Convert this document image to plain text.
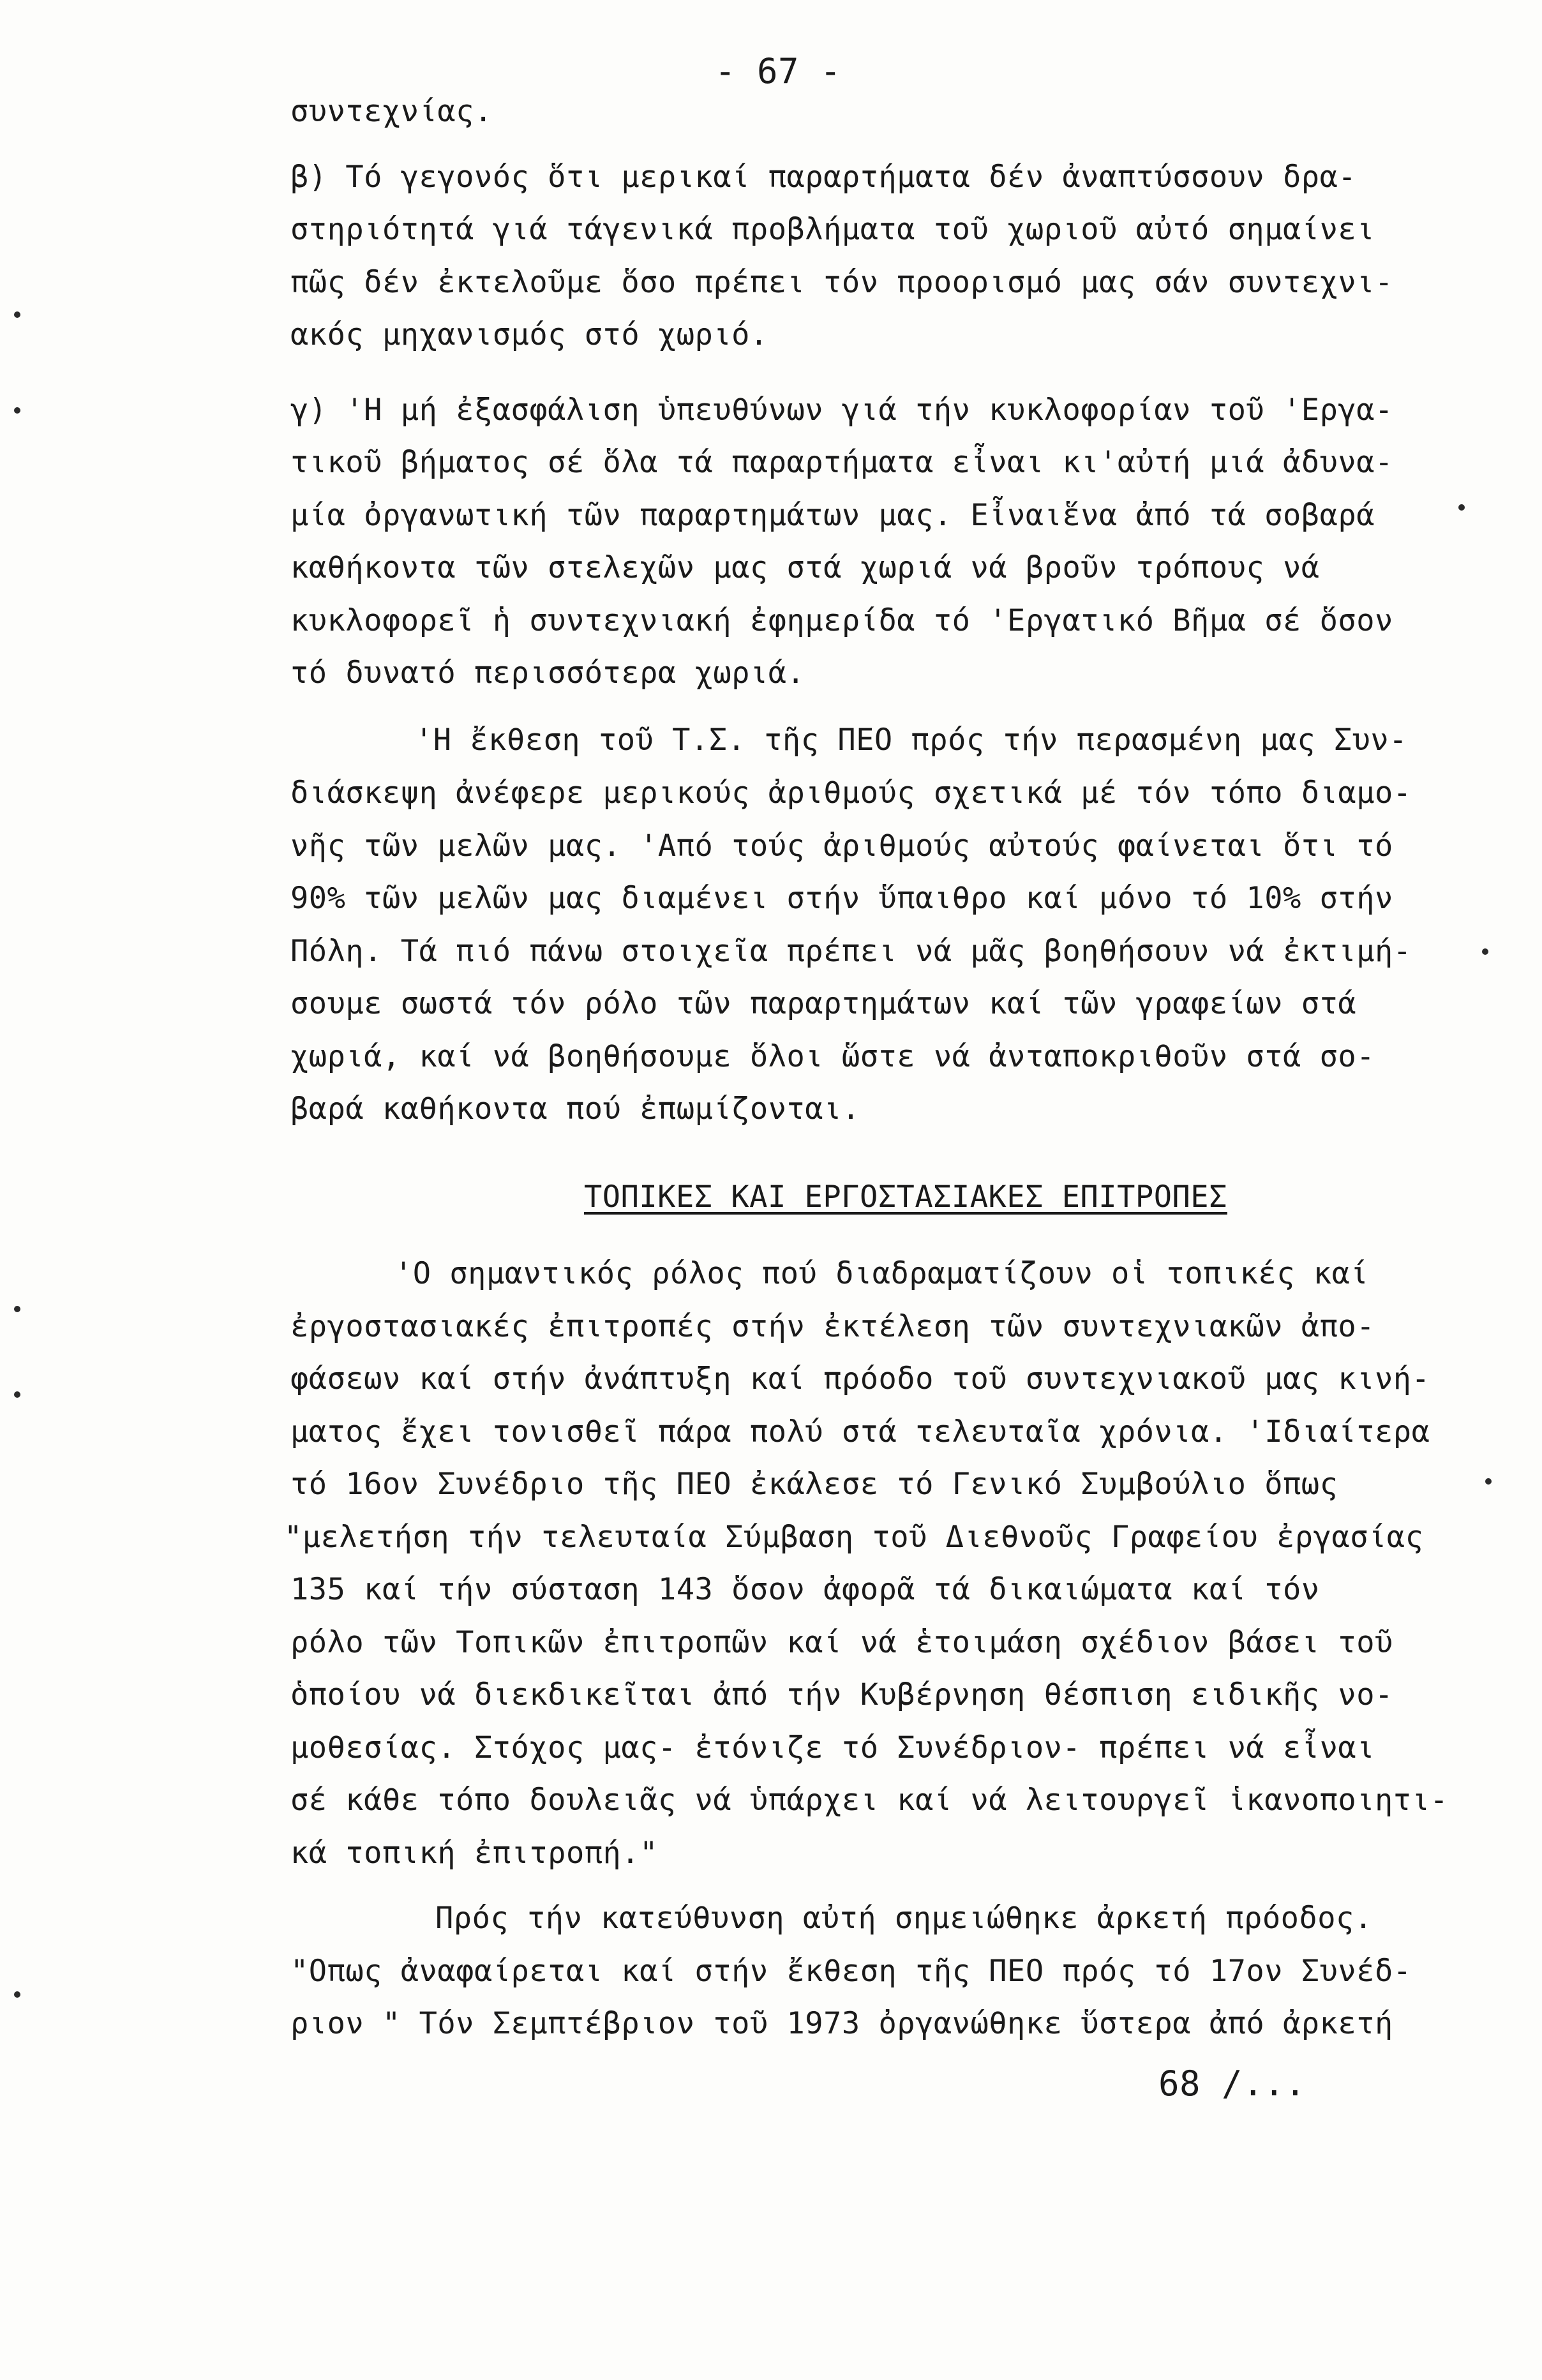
- 67 -
συντεχνίας.
β) Τό γεγονός ὅτι μερικαί παραρτήματα δέν ἀναπτύσσουν δρα-
στηριότητά γιά τάγενικά προβλήματα τοῦ χωριοῦ αὐτό σημαίνει
πῶς δέν ἐκτελοῦμε ὅσο πρέπει τόν προορισμό μας σάν συντεχνι-
ακός μηχανισμός στό χωριό.
γ) 'Η μή ἐξασφάλιση ὑπευθύνων γιά τήν κυκλοφορίαν τοῦ 'Εργα-
τικοῦ βήματος σέ ὅλα τά παραρτήματα εἶναι κι'αὐτή μιά ἀδυνα-
μία ὀργανωτική τῶν παραρτημάτων μας. Εἶναιἕνα ἀπό τά σοβαρά
καθήκοντα τῶν στελεχῶν μας στά χωριά νά βροῦν τρόπους νά
κυκλοφορεῖ ἡ συντεχνιακή ἐφημερίδα τό 'Εργατικό Βῆμα σέ ὅσον
τό δυνατό περισσότερα χωριά.
'Η ἔκθεση τοῦ Τ.Σ. τῆς ΠΕΟ πρός τήν περασμένη μας Συν-
διάσκεψη ἀνέφερε μερικούς ἀριθμούς σχετικά μέ τόν τόπο διαμο-
νῆς τῶν μελῶν μας. 'Από τούς ἀριθμούς αὐτούς φαίνεται ὅτι τό
90% τῶν μελῶν μας διαμένει στήν ὕπαιθρο καί μόνο τό 10% στήν
Πόλη. Τά πιό πάνω στοιχεῖα πρέπει νά μᾶς βοηθήσουν νά ἐκτιμή-
σουμε σωστά τόν ρόλο τῶν παραρτημάτων καί τῶν γραφείων στά
χωριά, καί νά βοηθήσουμε ὅλοι ὥστε νά ἀνταποκριθοῦν στά σο-
βαρά καθήκοντα πού ἐπωμίζονται.
ΤΟΠΙΚΕΣ ΚΑΙ ΕΡΓΟΣΤΑΣΙΑΚΕΣ ΕΠΙΤΡΟΠΕΣ
'Ο σημαντικός ρόλος πού διαδραματίζουν οἱ τοπικές καί
ἐργοστασιακές ἐπιτροπές στήν ἐκτέλεση τῶν συντεχνιακῶν ἀπο-
φάσεων καί στήν ἀνάπτυξη καί πρόοδο τοῦ συντεχνιακοῦ μας κινή-
ματος ἔχει τονισθεῖ πάρα πολύ στά τελευταῖα χρόνια. 'Ιδιαίτερα
τό 16ον Συνέδριο τῆς ΠΕΟ ἐκάλεσε τό Γενικό Συμβούλιο ὅπως
"μελετήση τήν τελευταία Σύμβαση τοῦ Διεθνοῦς Γραφείου ἐργασίας
135 καί τήν σύσταση 143 ὅσον ἀφορᾶ τά δικαιώματα καί τόν
ρόλο τῶν Τοπικῶν ἐπιτροπῶν καί νά ἑτοιμάση σχέδιον βάσει τοῦ
ὁποίου νά διεκδικεῖται ἀπό τήν Κυβέρνηση θέσπιση ειδικῆς νο-
μοθεσίας. Στόχος μας- ἐτόνιζε τό Συνέδριον- πρέπει νά εἶναι
σέ κάθε τόπο δουλειᾶς νά ὑπάρχει καί νά λειτουργεῖ ἱκανοποιητι-
κά τοπική ἐπιτροπή."
Πρός τήν κατεύθυνση αὐτή σημειώθηκε ἀρκετή πρόοδος.
"Οπως ἀναφαίρεται καί στήν ἔκθεση τῆς ΠΕΟ πρός τό 17ον Συνέδ-
ριον " Τόν Σεμπτέβριον τοῦ 1973 ὀργανώθηκε ὕστερα ἀπό ἀρκετή
68 /...
